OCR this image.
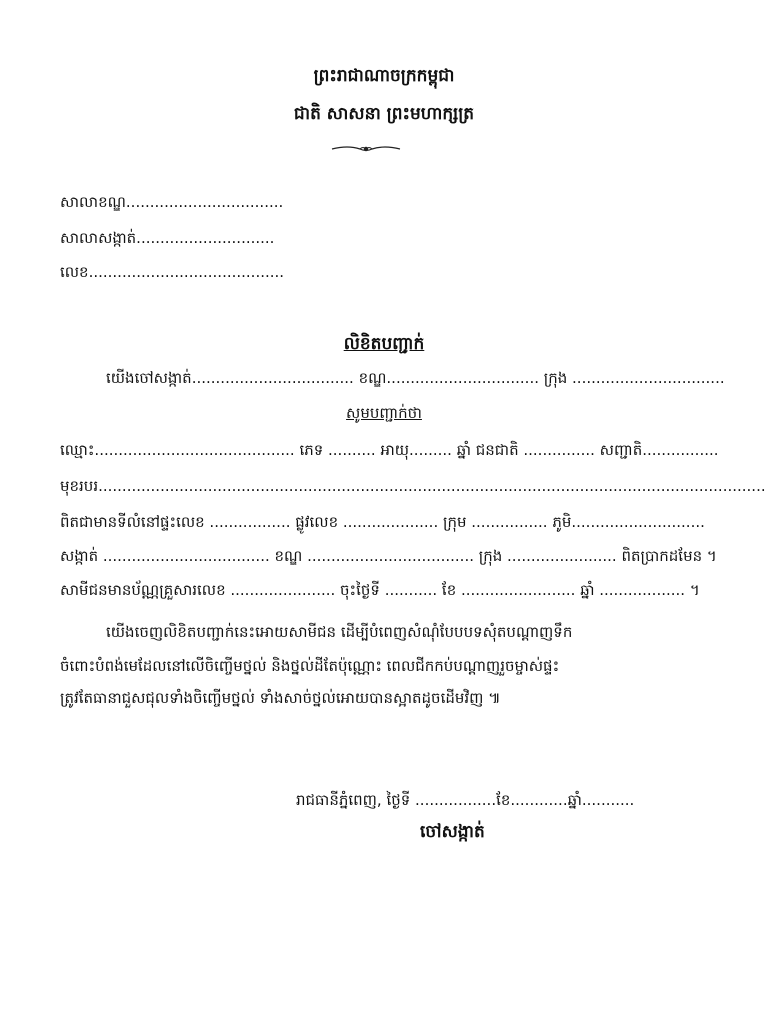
ព្រះរាជាណាចក្រកម្ពុជា
ជាតិ សាសនា ព្រះមហាក្សត្រ
សាលាខណ្ឌ.................................
សាលាសង្កាត់.............................
លេខ.........................................
លិខិតបញ្ជាក់
យើងចៅសង្កាត់.................................. ខណ្ឌ................................ ក្រុង ................................
សូមបញ្ជាក់ថា
ឈ្មោះ.......................................... ភេទ .......... អាយុ......... ឆ្នាំ ជនជាតិ ............... សញ្ជាតិ................
មុខរបរ............................................................................................................................................
ពិតជាមានទីលំនៅផ្ទះលេខ ................. ផ្លូវលេខ .................... ក្រុម ................ ភូមិ............................
សង្កាត់ ................................... ខណ្ឌ ................................... ក្រុង ....................... ពិតប្រាកដមែន ។
សាមីជនមានប័ណ្ណគ្រួសារលេខ ...................... ចុះថ្ងៃទី ........... ខែ ........................ ឆ្នាំ .................. ។
យើងចេញលិខិតបញ្ជាក់នេះអោយសាមីជន ដើម្បីបំពេញសំណុំបែបបទសុំតបណ្តាញទឹក
ចំពោះបំពង់មេដែលនៅលើចិញ្ចើមថ្នល់ និងថ្នល់ដីតែប៉ុណ្ណោះ ពេលជីកកប់បណ្តាញរួចម្ចាស់ផ្ទះ
ត្រូវតែធានាជួសជុលទាំងចិញ្ចើមថ្នល់ ទាំងសាច់ថ្នល់អោយបានស្អាតដូចដើមវិញ ៕
រាជធានីភ្នំពេញ, ថ្ងៃទី .................ខែ............ឆ្នាំ...........
ចៅសង្កាត់
